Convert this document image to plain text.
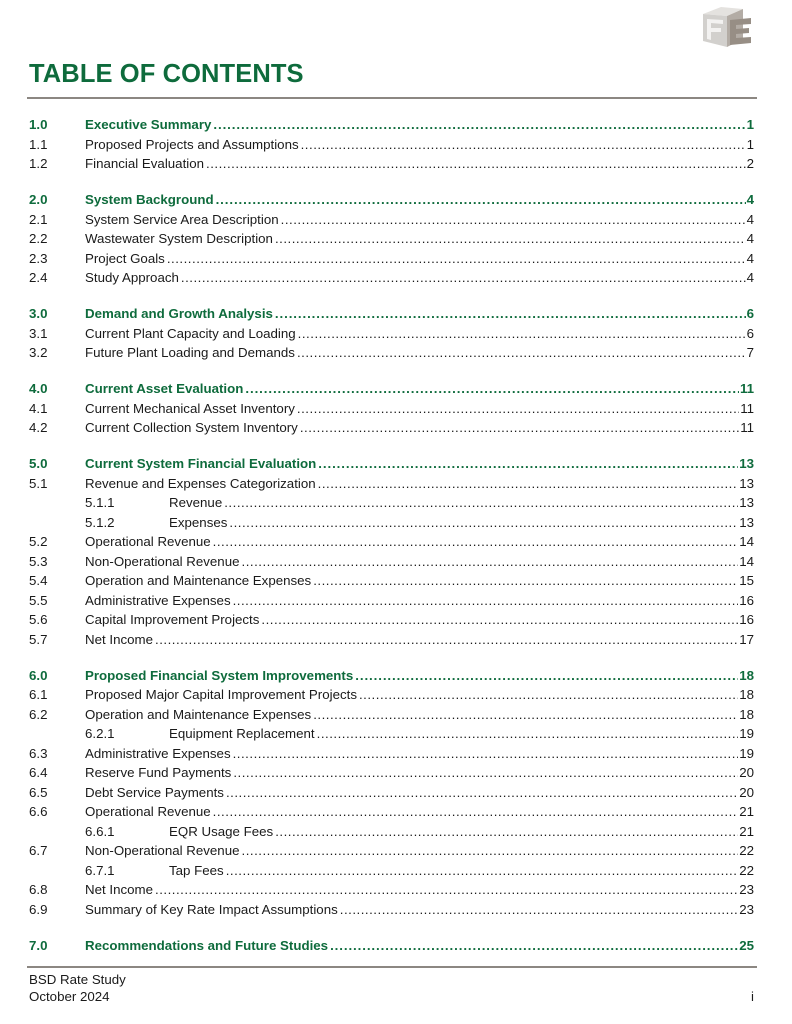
TABLE OF CONTENTS
1.0	Executive Summary .....	1
1.1	Proposed Projects and Assumptions .....	1
1.2	Financial Evaluation .....	2
2.0	System Background .....	4
2.1	System Service Area Description .....	4
2.2	Wastewater System Description .....	4
2.3	Project Goals .....	4
2.4	Study Approach .....	4
3.0	Demand and Growth Analysis .....	6
3.1	Current Plant Capacity and Loading .....	6
3.2	Future Plant Loading and Demands .....	7
4.0	Current Asset Evaluation .....	11
4.1	Current Mechanical Asset Inventory .....	11
4.2	Current Collection System Inventory .....	11
5.0	Current System Financial Evaluation .....	13
5.1	Revenue and Expenses Categorization .....	13
5.1.1	Revenue .....	13
5.1.2	Expenses .....	13
5.2	Operational Revenue .....	14
5.3	Non-Operational Revenue .....	14
5.4	Operation and Maintenance Expenses .....	15
5.5	Administrative Expenses .....	16
5.6	Capital Improvement Projects .....	16
5.7	Net Income .....	17
6.0	Proposed Financial System Improvements .....	18
6.1	Proposed Major Capital Improvement Projects .....	18
6.2	Operation and Maintenance Expenses .....	18
6.2.1	Equipment Replacement .....	19
6.3	Administrative Expenses .....	19
6.4	Reserve Fund Payments .....	20
6.5	Debt Service Payments .....	20
6.6	Operational Revenue .....	21
6.6.1	EQR Usage Fees .....	21
6.7	Non-Operational Revenue .....	22
6.7.1	Tap Fees .....	22
6.8	Net Income .....	23
6.9	Summary of Key Rate Impact Assumptions .....	23
7.0	Recommendations and Future Studies .....	25
BSD Rate Study
October 2024	i
